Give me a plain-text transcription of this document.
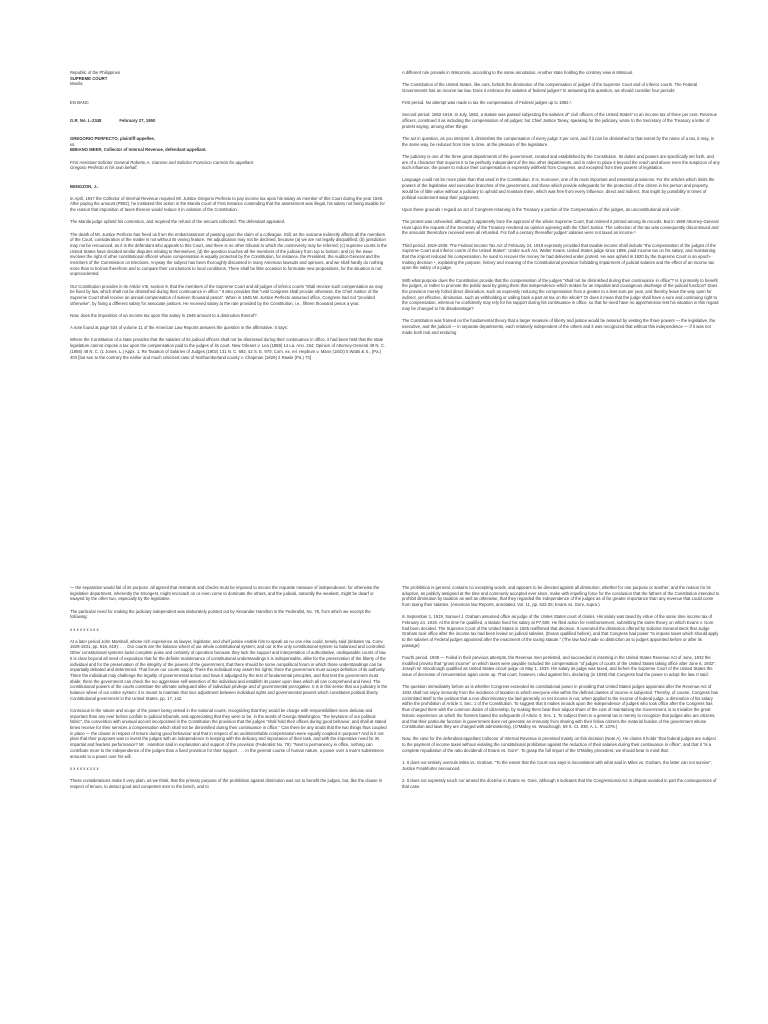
Republic of the Philippines

SUPREME COURT

Manila

EN BANC

G.R. No. L-2348	February 27, 1950

GREGORIO PERFECTO, plaintiff-appellee,

vs.

BIBIANO MEER, Collector of Internal Revenue, defendant-appellant.

First Assistant Solicitor General Roberto A. Gianzon and Solicitor Francisco Carreon for appellant.

Gregorio Perfecto in his own behalf.

BENGZON, J.:

In April, 1947 the Collector of Internal Revenue required Mr. Justice Gregorio Perfecto to pay income tax upon his salary as member of this Court during the year 1946. After paying the amount (P802), he instituted this action in the Manila Court of First Instance contending that the assessment was illegal, his salary not being taxable for the reason that imposition of taxes thereon would reduce it in violation of the Constitution.

The Manila judge upheld his contention, and required the refund of the amount collected. The defendant appealed.

The death of Mr. Justice Perfecto has freed us from the embarrassment of passing upon the claim of a colleague. Still, as the outcome indirectly affects all the members of the Court, consideration of the matter is not without its vexing feature. Yet adjudication may not be declined, because (a) we are not legally disqualified; (b) jurisdiction may not be renounced, as it is the defendant who appeals to this Court, and there is no other tribunal to which the controversy may be referred; (c) supreme courts in the United States have decided similar disputes relating to themselves; (d) the question touches all the members of the judiciary from top to bottom; and (e) the issue involves the right of other constitutional officers whose compensation is equally protected by the Constitution, for instance, the President, the Auditor-General and the members of the Commission on Elections. Anyway the subject has been thoroughly discussed in many American lawsuits and opinions, and we shall hardly do nothing more than to borrow therefrom and to compare their conclusions to local conditions. There shall be little occasion to formulate new propositions, for the situation is not unprecedented.

Our Constitution provides in its Article VIII, section 9, that the members of the Supreme Court and all judges of inferior courts "shall receive such compensation as may be fixed by law, which shall not be diminished during their continuance in office." It also provides that "until Congress shall provide otherwise, the Chief Justice of the Supreme Court shall receive an annual compensation of sixteen thousand pesos". When in 1945 Mr. Justice Perfecto assumed office, Congress had not "provided otherwise", by fixing a different salary for associate justices. He received salary at the rate provided by the Constitution, i.e., fifteen thousand pesos a year.

Now, does the imposition of an income tax upon this salary in 1946 amount to a diminution thereof?.

A note found at page 534 of volume 11 of the American Law Reports answers the question in the affirmative. It says:

Where the Constitution of a state provides that the salaries of its judicial officers shall not be dismissed during their continuance in office, it had been held that the state legislature cannot impose a tax upon the compensation paid to the judges of its court. New Orleans v. Lea (1859) 14 La. Ann. 194; Opinion of Attorney-General 49 N. C. (1856) 48 N. C. (1 Jones, L.) Appx. 1; Re Taxation of Salaries of Judges (1902) 131 N. C. 692, 42 S. E. 970; Com. ex. rel. Hepburn v. Mann (1843) 5 Watts & S., (Pa.) 403 [but see to the contrary the earlier and much criticized case of Northumberland county v. Chapman (1829) 2 Rawle (Pa.) 73]

A different rule prevails in Wisconsin, according to the same annotation. Another state holding the contrary view is Missouri.

The Constitution of the United States, like ours, forbids the diminution of the compensation of judges of the Supreme Court and of inferior courts. The Federal Governments has an income tax law. Does it embrace the salaries of federal judges? In answering this question, we should consider four periods:

First period. No attempt was made to tax the compensation of Federal judges up to 1862.¹.

Second period. 1862-1918. In July, 1862, a statute was passed subjecting the salaries of" civil officers of the United States" to an income tax of three per cent. Revenue officers, construed it as including the compensation of all judges; but Chief Justice Taney, speaking for the judiciary, wrote to the Secretary of the Treasury a letter of protest saying, among other things:

The act in question, as you interpret it, diminishes the compensation of every judge 3 per cent, and if it can be diminished to that extent by the name of a tax, it may, in the same way, be reduced from time to time, at the pleasure of the legislature.

The judiciary is one of the three great departments of the government, created and established by the Constitution. Its duties and powers are specifically set forth, and are of a character that requires it to be perfectly independent of the two other departments, and in order to place it beyond the reach and above even the suspicion of any such influence, the power to reduce their compensation is expressly withheld from Congress, and excepted from their powers of legislation.

Language could not be more plain than that used in the Constitution. It is, moreover, one of its most important and essential provisions. For the articles which limits the powers of the legislative and executive branches of the government, and those which provide safeguards for the protection of the citizen in his person and property, would be of little value without a judiciary to uphold and maintain them, which was free from every influence, direct and indirect, that might by possibility in times of political excitement warp their judgments.

Upon these grounds I regard an act of Congress retaining in the Treasury a portion of the Compensation of the judges, as unconstitutional and void².

The protest was unheeded, although it apparently bore the approval of the whole Supreme Court, that ordered it printed among its records. But in 1869 Attorney-General Hoar upon the request of the Secretary of the Treasury rendered an opinion agreeing with the Chief Justice. The collection of the tax was consequently discontinued and the amounts theretofore received were all refunded. For half a century thereafter judges' salaries were not taxed as income.³

Third period. 1919-1938. The Federal Income Tax Act of February 24, 1919 expressly provided that taxable income shall include "the compensation of the judges of the Supreme Court and inferior courts of the United States". Under such Act, Walter Evans, United States judge since 1899, paid income tax on his salary; and maintaining that the impost reduced his compensation, he sued to recover the money he had delivered under protest. He was upheld in 1920 by the Supreme Court in an epoch-making decision ⁴, explaining the purpose, history and meaning of the Constitutional provision forbidding impairment of judicial salaries and the effect of an income tax upon the salary of a judge.

With what purpose does the Constitution provide that the compensation of the judges "shall not be diminished during their continuance in office"? Is it primarily to benefit the judges, or rather to promote the public weal by giving them that independence which makes for an impartial and courageous discharge of the judicial function? Does the provision merely forbid direct diminution, such as expressly reducing the compensation from a greater to a less sum per year, and thereby leave the way open for indirect, yet effective, diminution, such as withholding or calling back a part as tax on the whole? Or does it mean that the judge shall have a sure and continuing right to the compensation, whereon he confidently may rely for his support during his continuance in office, so that he need have no apprehension lest his situation in this regard may be changed to his disadvantage?

The Constitution was framed on the fundamental theory that a larger measure of liberty and justice would be assured by vesting the three powers — the legislative, the executive, and the judicial — in separate departments, each relatively independent of the others and it was recognized that without this independence — if it was not made both real and enduring

— the separation would fail of its purpose. all agreed that restraints and checks must be imposed to secure the requisite measure of independence; for otherwise the legislative department, inherently the strongest, might encroach on or even come to dominate the others, and the judicial, naturally the weakest, might be dwarf or swayed by the other two, especially by the legislative.

The particular need for making the judiciary independent was elaborately pointed out by Alexander Hamilton in the Federalist, No. 78, from which we excerpt the following:

x x x x x x x x x

At a later period John Marshall, whose rich experience as lawyer, legislator, and chief justice enable him to speak as no one else could, tersely said (debates Va. Conv. 1829-1831, pp. 616, 619): . . . Our courts are the balance wheel of our whole constitutional system; and our is the only constitutional system so balanced and controlled. Other constitutional systems lacks complete poise and certainty of operation because they lack the support and interpretation of authoritative, undisputable courts of law. It is clear beyond all need of exposition that for the definite maintenance of constitutional understandings it is indispensable, alike for the preservation of the liberty of the individual and for the preservation of the integrity of the powers of the government, that there should be some nonpolitical forum in which those understandings can be impartially debated and determined. That forum our courts supply. There the individual may assert his rights; there the government must accept definition of its authority. There the individual may challenge the legality of governmental action and have it adjudged by the test of fundamental principles, and that test the government must abide; there the government can check the too aggressive self-assertion of the individual and establish its power upon lines which all can comprehend and heed. The constitutional powers of the courts constitute the ultimate safeguard alike of individual privilege and of governmental prerogative. It is in this sense that our judiciary is the balance wheel of our entire system; it is meant to maintain that nice adjustment between individual rights and governmental powers which constitutes political liberty. Constitutional government in the United States, pp. 17, 142.

Conscious in the nature and scope of the power being vested in the national courts, recognizing that they would be charge with responsibilities more delicate and important than any ever before confide to judicial tribunals, and appreciating that they were to be, in the words of George Washington, "the keystone of our political fabric", the convention with unusual accord incorporated in the Constitution the provision that the judges "shall hold their offices during good behavior, and shall at stated times receive for their services a compensation which shall not be diminished during their continuance in office." Can there be any doubt that the two things thus coupled in place — the clause in respect of tenure during good behaviour and that in respect of an undiminishable compensation-were equally coupled in purpose? And is it not plain that their purposes was to invest the judges with an independence in keeping with the delicacy and importance of their task, and with the imperative need for its impartial and fearless performance? Mr . Hamilton said in explanation and support of the provision (Federalist No. 79): "Next to permanency in office, nothing can contribute more to the independence of the judges than a fixed provision for their support . . . In the general course of human nature, a power over a man's subsistence amounts to a power over his will.

x x x x x x x x x

These considerations make it very plain, as we think, that the primary purpose of the prohibition against diminution was not to benefit the judges, but, like the clause in respect of tenure, to attract good and competent men to the bench, and to

The prohibition is general, contains no excepting words, and appears to be directed against all diminution, whether for one purpose or another; and the reason for its adoption, as publicly assigned at the time and commonly accepted ever since, make with impelling force for the conclusion that the fathers of the Constitution intended to prohibit diminution by taxation as well as otherwise, that they regarded the independence of the judges as of far greater importance than any revenue that could come from taxing their salaries. (American law Reports, annotated, Vol. 11, pp. 522-25; Evans vs. Gore, supra.)

In September 1, 1919, Samuel J. Graham assumed office as judge of the Unites States court of claims. His salary was taxed by virtue of the same time income tax of February 24, 1919. At the time he qualified, a statute fixed his salary at P7,500. He filed action for reimbursement, submitting the same theory on which Evans v. Gore had been decided. The Supreme Court of the United States in 1925 reaffirmed that decision. It overruled the distinction offered by Solicitor-General Beck that Judge Graham took office after the income tax had been levied on judicial salaries, (Evans qualified before), and that Congress had power "to impose taxes which should apply to the salaries of Federal judges appointed after the enactment of the taxing statute." (The law had made no distinction as to judges appointed before or after its passage)

Fourth period. 1939 — Foiled in their previous attempts, the Revenue men persisted, and succeeded in inserting in the United States Revenue Act of June, 1932 the modified proviso that "gross income" on which taxes were payable included the compensation "of judges of courts of the United States taking office after June 6, 1932". Joseph W. Woodrough qualified as United States circuit judge on May 1, 1933. His salary as judge was taxed, and before the Supreme Court of the United States the issue of decrease of remuneration again came up. That court, however, ruled against him, declaring (in 1939) that Congress had the power to adopt the law. It said:

The question immediately before us is whether Congress exceeded its constitutional power in providing that United States judges appointed after the Revenue Act of 1932 shall not enjoy immunity from the incidence of taxation to which everyone else within the defined classes of income is subjected. Thereby, of course, Congress has committed itself to the position that a non-discriminatory tax laid generally on net income is not, when applied to the income of federal judge, a diminution of his salary within the prohibition of Article 3, Sec. 1 of the Constitution. To suggest that it makes inroads upon the independence of judges who took office after the Congress has thus charged them with the common duties of citizenship, by making them bear their aliquot share of the cost of maintaining the Government, is to trivialize the great historic experience on which the framers based the safeguards of Article 3, Sec. 1. To subject them to a general tax is merely to recognize that judges also are citizens, and that their particular function in government does not generate an immunity from sharing with their fellow citizens the material burden of the government whose Constitution and laws they are charged with administering. (O'Malley vs. Woodrough, 59 S. Ct. 838, A. L. R. 1379.)

Now, the case for the defendant-appellant Collector of Internal Revenue is premised mainly on this decision (Note A). He claims it holds "that federal judges are subject to the payment of income taxes without violating the constitutional prohibition against the reduction of their salaries during their continuance in office", and that it "is a complete repudiation of the ratio decidendi of Evans vs. Gore". To grasp the full import of the O'Malley precedent, we should bear in mind that:

1. It does not entirely overrule Miles vs. Graham. "To the extent that the Court now says is inconsistent with what said in Miles vs. Graham, the latter can not survive", Justice Frankfurter announced.

2. It does not expressly touch nor amend the doctrine in Evans vs. Gore, although it indicates that the Congressional Act in dispute avoided in part the consequences of that case.
